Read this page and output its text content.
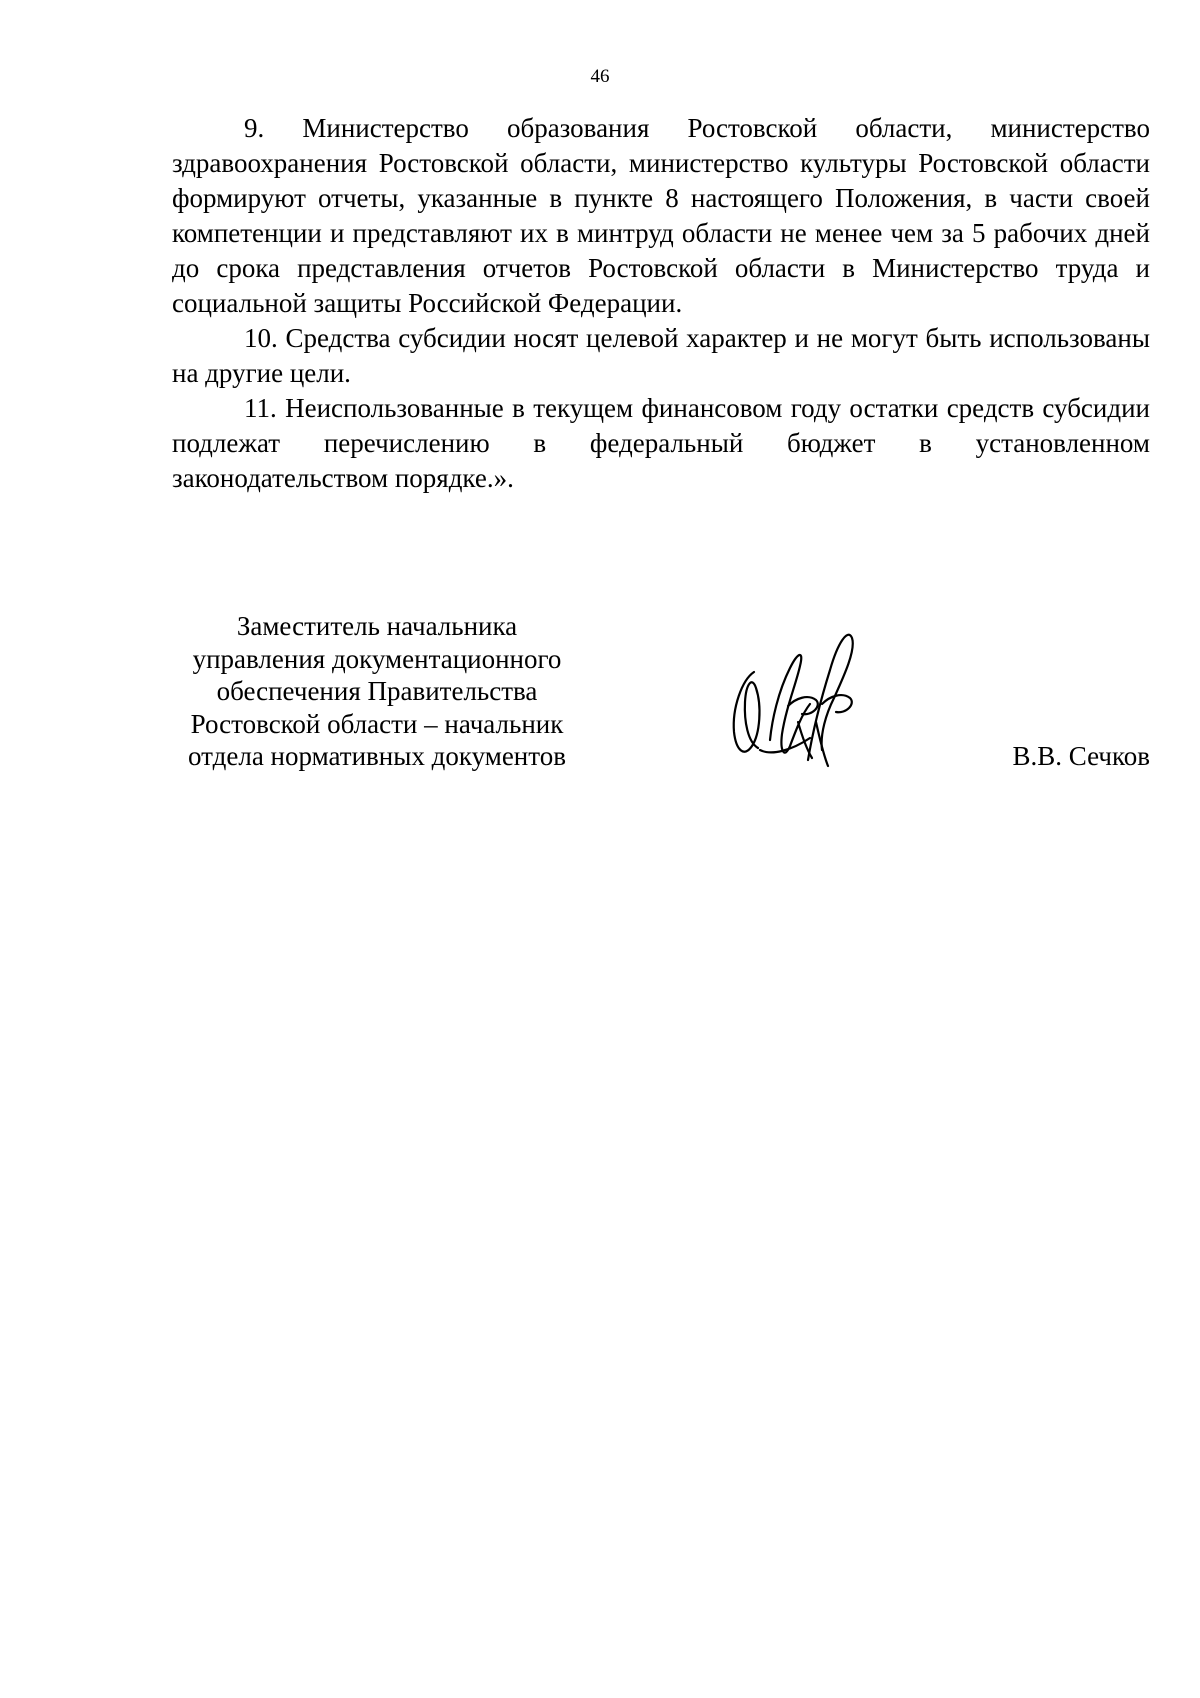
46

9. Министерство образования Ростовской области, министерство здравоохранения Ростовской области, министерство культуры Ростовской области формируют отчеты, указанные в пункте 8 настоящего Положения, в части своей компетенции и представляют их в минтруд области не менее чем за 5 рабочих дней до срока представления отчетов Ростовской области в Министерство труда и социальной защиты Российской Федерации.

10. Средства субсидии носят целевой характер и не могут быть использованы на другие цели.

11. Неиспользованные в текущем финансовом году остатки средств субсидии подлежат перечислению в федеральный бюджет в установленном законодательством порядке.».

Заместитель начальника
управления документационного
обеспечения Правительства
Ростовской области – начальник
отдела нормативных документов	В.В. Сечков
